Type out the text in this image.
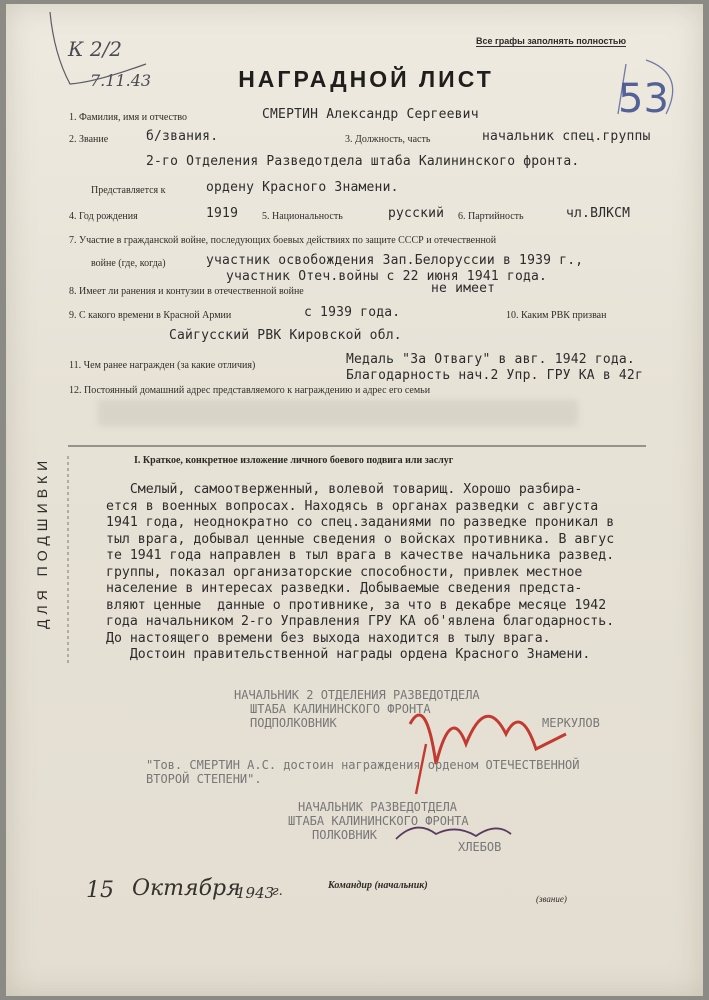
К 2/2
7.11.43	53
Все графы заполнять полностью
НАГРАДНОЙ ЛИСТ
1. Фамилия, имя и отчество	СМЕРТИН Александр Сергеевич
2. Звание	б/звания.	3. Должность, часть	начальник спец.группы
2-го Отделения Разведотдела штаба Калининского фронта.
Представляется к	ордену Красного Знамени.
4. Год рождения	1919 5. Национальность	русский 6. Партийность	чл.ВЛКСМ
7. Участие в гражданской войне, последующих боевых действиях по защите СССР и отечественной
войне (где, когда)	участник освобождения Зап.Белоруссии в 1939 г.,
участник Отеч.войны с 22 июня 1941 года.
8. Имеет ли ранения и контузии в отечественной войне	не имеет
9. С какого времени в Красной Армии	с 1939 года.	10. Каким РВК призван
Сайгусский РВК Кировской обл.
11. Чем ранее награжден (за какие отличия)	Медаль "За Отвагу" в авг. 1942 года.
Благодарность нач.2 Упр. ГРУ КА в 42г
12. Постоянный домашний адрес представляемого к награждению и адрес его семьи
ДЛЯ ПОДШИВКИ	I. Краткое, конкретное изложение личного боевого подвига или заслуг
Смелый, самоотверженный, волевой товарищ. Хорошо разбира-
ется в военных вопросах. Находясь в органах разведки с августа
1941 года, неоднократно со спец.заданиями по разведке проникал в
тыл врага, добывал ценные сведения о войсках противника. В авгус
те 1941 года направлен в тыл врага в качестве начальника развед.
группы, показал организаторские способности, привлек местное
население в интересах разведки. Добываемые сведения предста-
вляют ценные  данные о противнике, за что в декабре месяце 1942
года начальником 2-го Управления ГРУ КА об'явлена благодарность.
До настоящего времени без выхода находится в тылу врага.
Достоин правительственной награды ордена Красного Знамени.
НАЧАЛЬНИК 2 ОТДЕЛЕНИЯ РАЗВЕДОТДЕЛА
ШТАБА КАЛИНИНСКОГО ФРОНТА
ПОДПОЛКОВНИК	МЕРКУЛОВ
"Тов. СМЕРТИН А.С. достоин награждения орденом ОТЕЧЕСТВЕННОЙ
ВТОРОЙ СТЕПЕНИ".
НАЧАЛЬНИК РАЗВЕДОТДЕЛА
ШТАБА КАЛИНИНСКОГО ФРОНТА
ПОЛКОВНИК
ХЛЕБОВ
15 Октября
1943
г.	Командир (начальник)
(звание)
